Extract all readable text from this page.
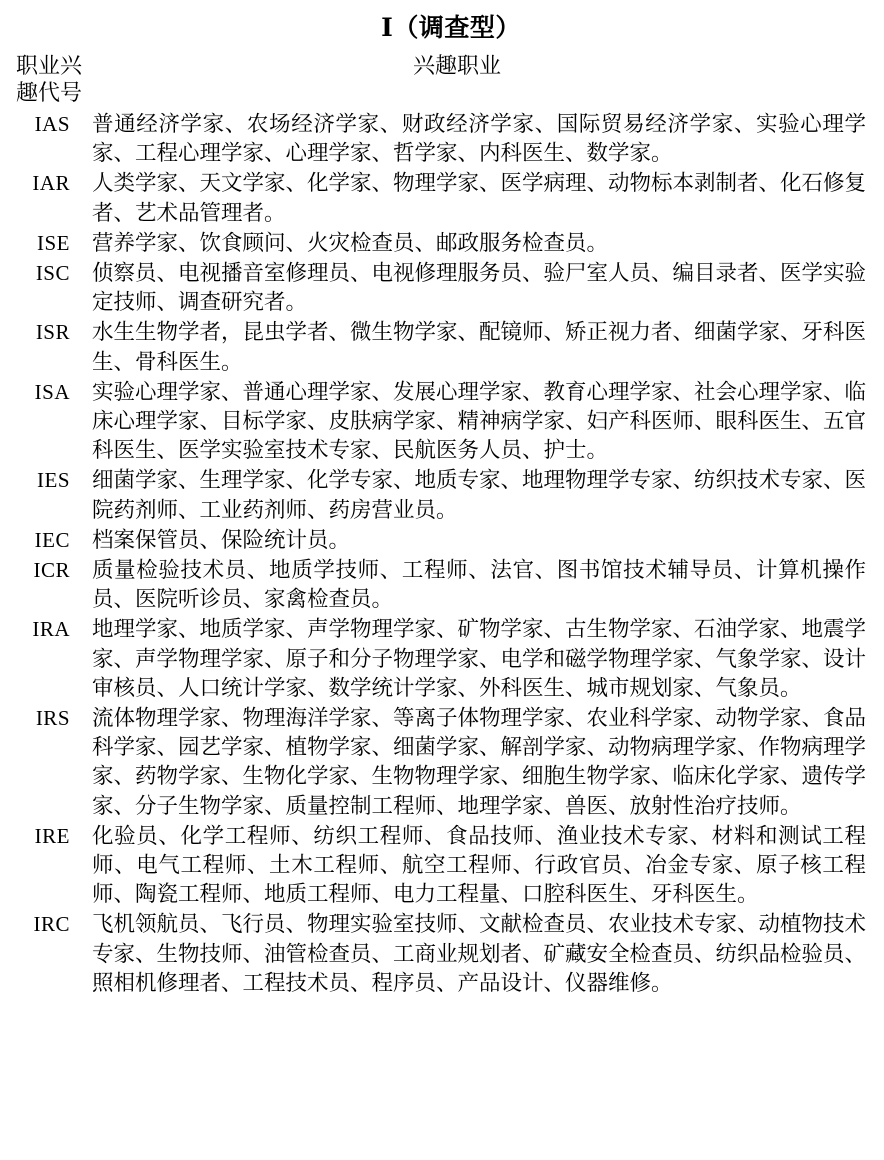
Ⅰ（调查型）
职业兴
趣代号
兴趣职业
IAS 普通经济学家、农场经济学家、财政经济学家、国际贸易经济学家、实验心理学家、工程心理学家、心理学家、哲学家、内科医生、数学家。
IAR 人类学家、天文学家、化学家、物理学家、医学病理、动物标本剥制者、化石修复者、艺术品管理者。
ISE 营养学家、饮食顾问、火灾检查员、邮政服务检查员。
ISC 侦察员、电视播音室修理员、电视修理服务员、验尸室人员、编目录者、医学实验定技师、调查研究者。
ISR 水生生物学者，昆虫学者、微生物学家、配镜师、矫正视力者、细菌学家、牙科医生、骨科医生。
ISA 实验心理学家、普通心理学家、发展心理学家、教育心理学家、社会心理学家、临床心理学家、目标学家、皮肤病学家、精神病学家、妇产科医师、眼科医生、五官科医生、医学实验室技术专家、民航医务人员、护士。
IES 细菌学家、生理学家、化学专家、地质专家、地理物理学专家、纺织技术专家、医院药剂师、工业药剂师、药房营业员。
IEC 档案保管员、保险统计员。
ICR 质量检验技术员、地质学技师、工程师、法官、图书馆技术辅导员、计算机操作员、医院听诊员、家禽检查员。
IRA 地理学家、地质学家、声学物理学家、矿物学家、古生物学家、石油学家、地震学家、声学物理学家、原子和分子物理学家、电学和磁学物理学家、气象学家、设计审核员、人口统计学家、数学统计学家、外科医生、城市规划家、气象员。
IRS 流体物理学家、物理海洋学家、等离子体物理学家、农业科学家、动物学家、食品科学家、园艺学家、植物学家、细菌学家、解剖学家、动物病理学家、作物病理学家、药物学家、生物化学家、生物物理学家、细胞生物学家、临床化学家、遗传学家、分子生物学家、质量控制工程师、地理学家、兽医、放射性治疗技师。
IRE 化验员、化学工程师、纺织工程师、食品技师、渔业技术专家、材料和测试工程师、电气工程师、土木工程师、航空工程师、行政官员、冶金专家、原子核工程师、陶瓷工程师、地质工程师、电力工程量、口腔科医生、牙科医生。
IRC 飞机领航员、飞行员、物理实验室技师、文献检查员、农业技术专家、动植物技术专家、生物技师、油管检查员、工商业规划者、矿藏安全检查员、纺织品检验员、照相机修理者、工程技术员、程序员、产品设计、仪器维修。
